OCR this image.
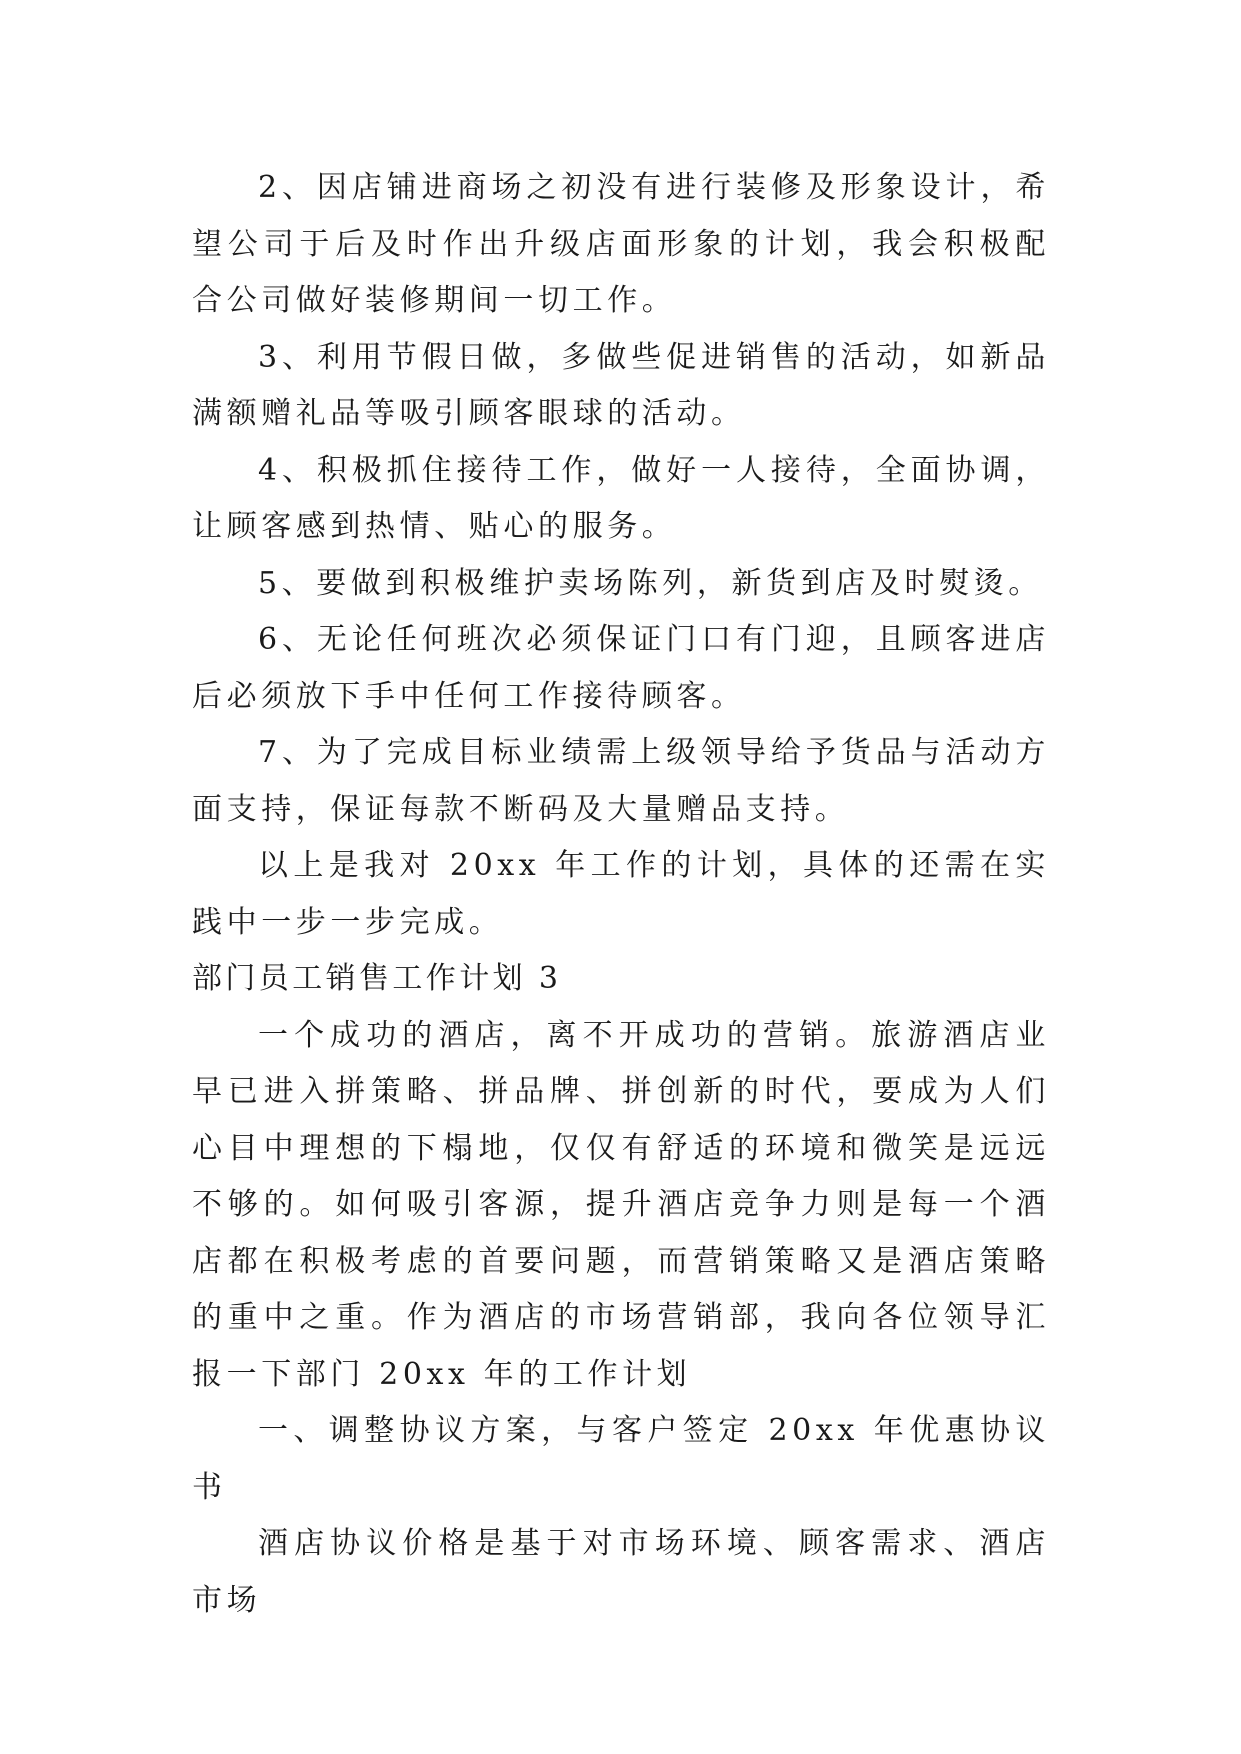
2、因店铺进商场之初没有进行装修及形象设计，希望公司于后及时作出升级店面形象的计划，我会积极配合公司做好装修期间一切工作。

3、利用节假日做，多做些促进销售的活动，如新品满额赠礼品等吸引顾客眼球的活动。

4、积极抓住接待工作，做好一人接待，全面协调，让顾客感到热情、贴心的服务。

5、要做到积极维护卖场陈列，新货到店及时熨烫。

6、无论任何班次必须保证门口有门迎，且顾客进店后必须放下手中任何工作接待顾客。

7、为了完成目标业绩需上级领导给予货品与活动方面支持，保证每款不断码及大量赠品支持。

以上是我对 20xx 年工作的计划，具体的还需在实践中一步一步完成。

部门员工销售工作计划 3

一个成功的酒店，离不开成功的营销。旅游酒店业早已进入拼策略、拼品牌、拼创新的时代，要成为人们心目中理想的下榻地，仅仅有舒适的环境和微笑是远远不够的。如何吸引客源，提升酒店竞争力则是每一个酒店都在积极考虑的首要问题，而营销策略又是酒店策略的重中之重。作为酒店的市场营销部，我向各位领导汇报一下部门 20xx 年的工作计划

一、调整协议方案，与客户签定 20xx 年优惠协议书

酒店协议价格是基于对市场环境、顾客需求、酒店市场
